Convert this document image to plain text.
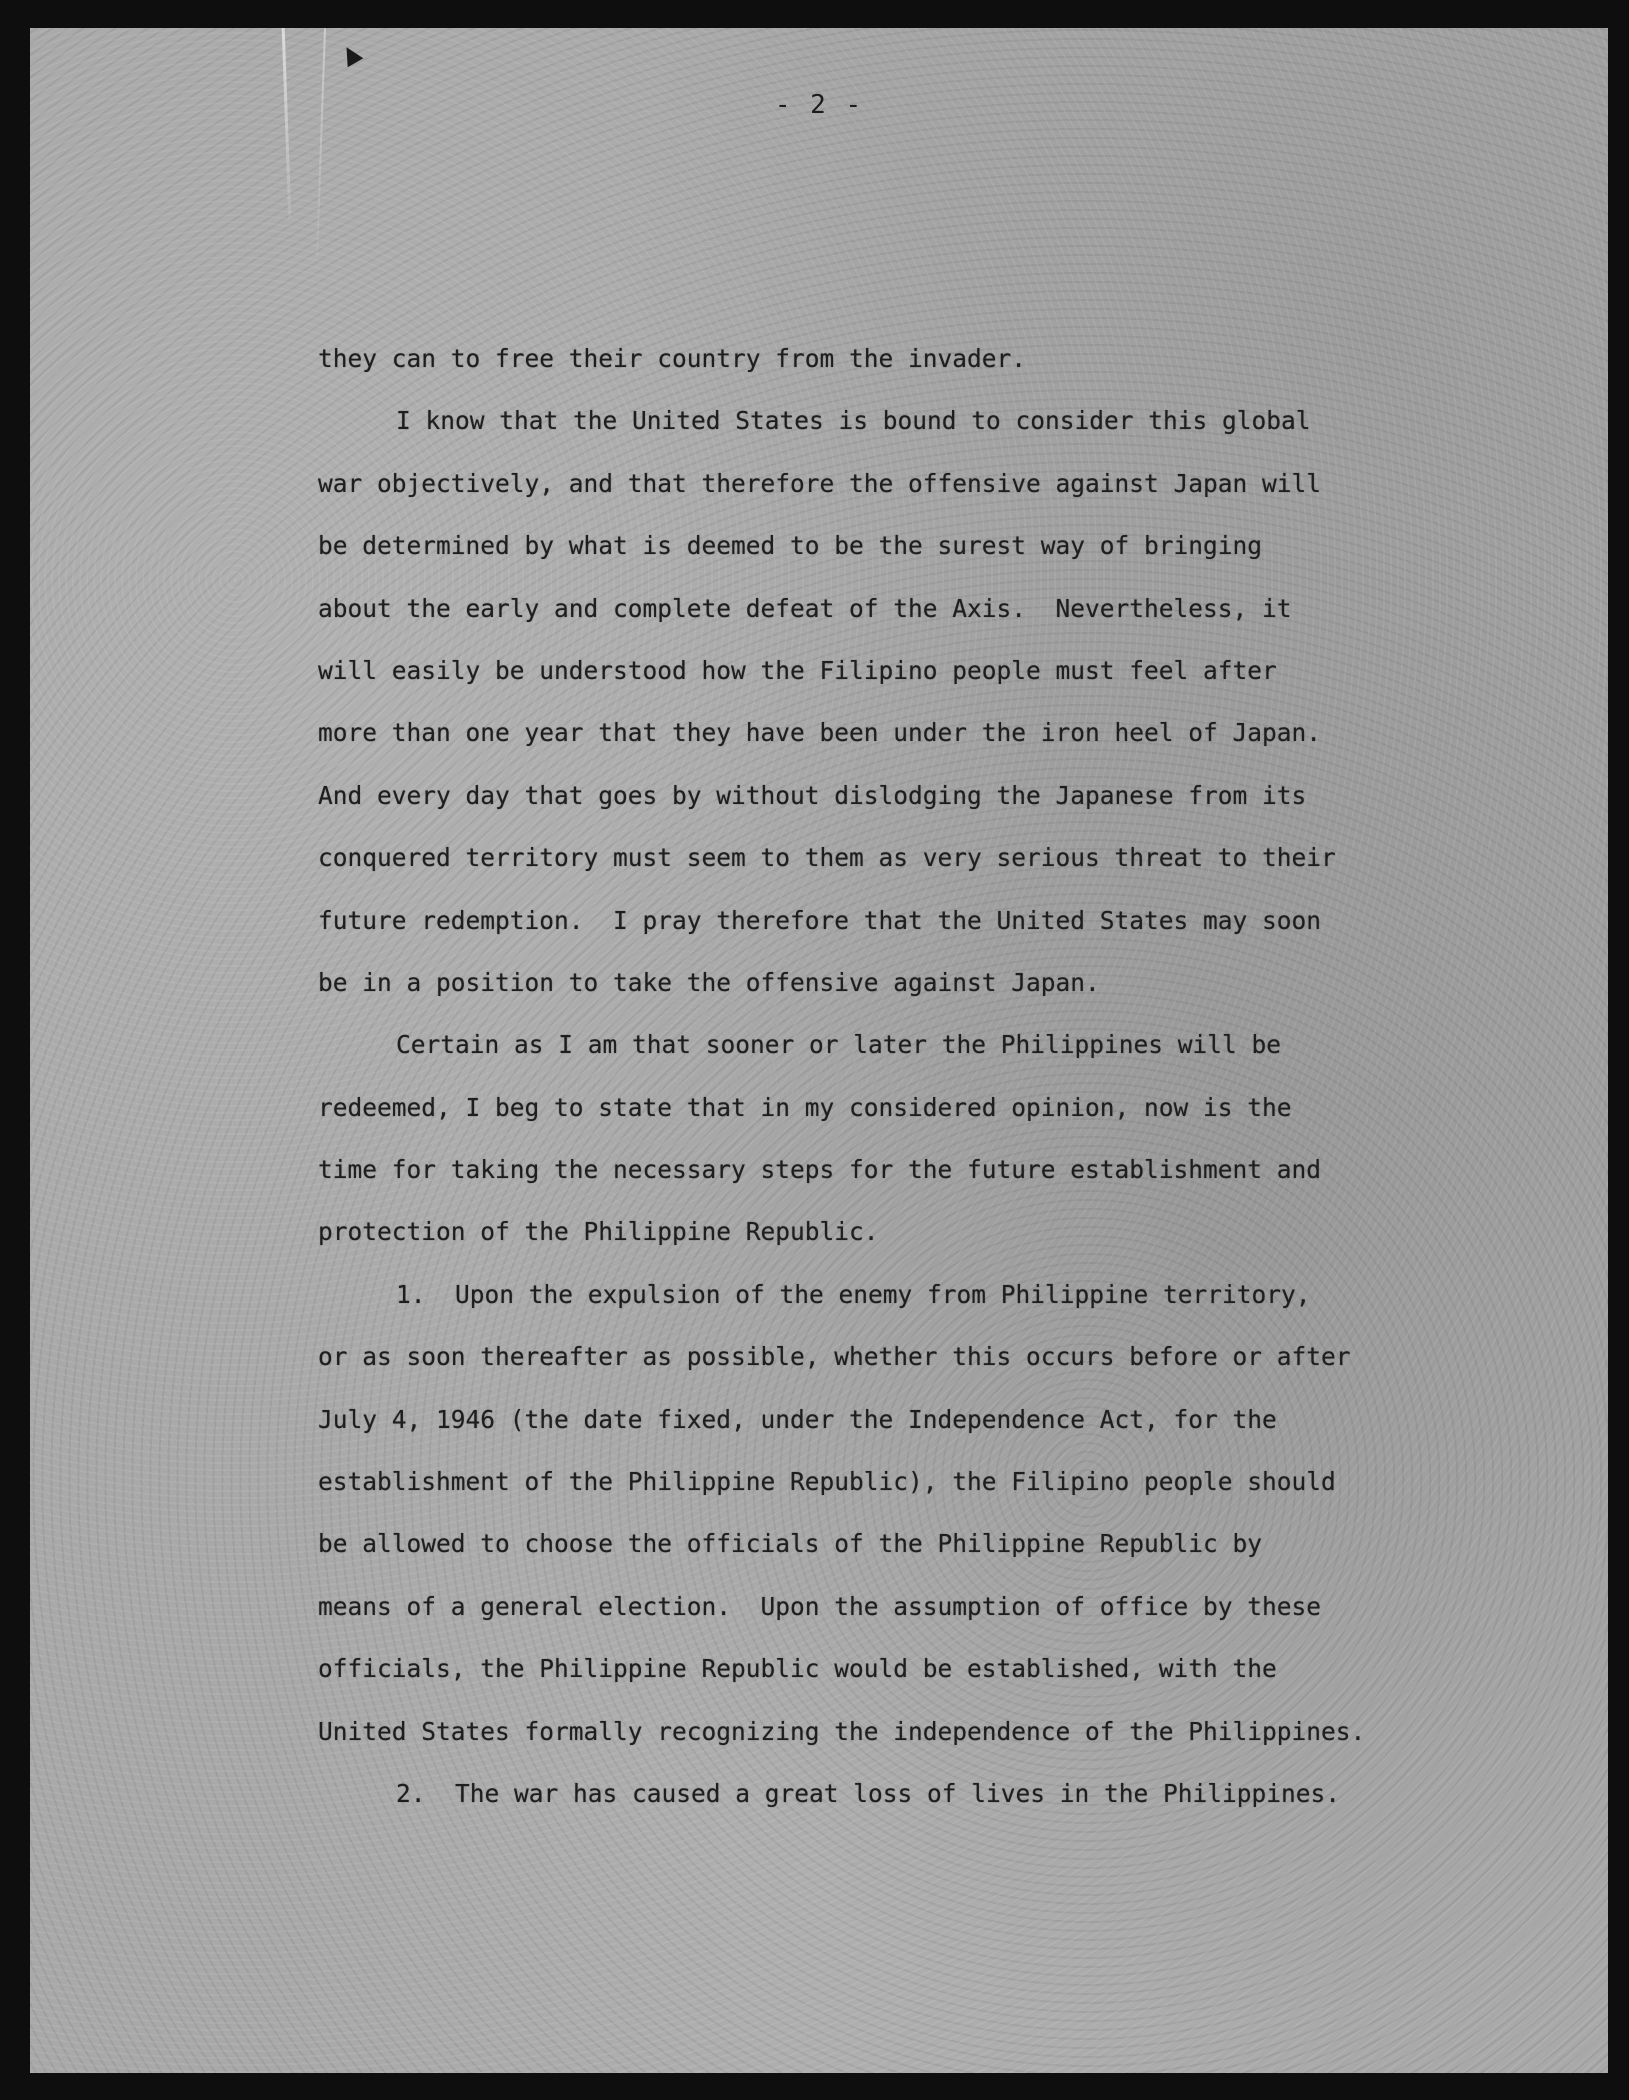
- 2 -
they can to free their country from the invader.
I know that the United States is bound to consider this global
war objectively, and that therefore the offensive against Japan will
be determined by what is deemed to be the surest way of bringing
about the early and complete defeat of the Axis.  Nevertheless, it
will easily be understood how the Filipino people must feel after
more than one year that they have been under the iron heel of Japan.
And every day that goes by without dislodging the Japanese from its
conquered territory must seem to them as very serious threat to their
future redemption.  I pray therefore that the United States may soon
be in a position to take the offensive against Japan.
Certain as I am that sooner or later the Philippines will be
redeemed, I beg to state that in my considered opinion, now is the
time for taking the necessary steps for the future establishment and
protection of the Philippine Republic.
1.  Upon the expulsion of the enemy from Philippine territory,
or as soon thereafter as possible, whether this occurs before or after
July 4, 1946 (the date fixed, under the Independence Act, for the
establishment of the Philippine Republic), the Filipino people should
be allowed to choose the officials of the Philippine Republic by
means of a general election.  Upon the assumption of office by these
officials, the Philippine Republic would be established, with the
United States formally recognizing the independence of the Philippines.
2.  The war has caused a great loss of lives in the Philippines.
